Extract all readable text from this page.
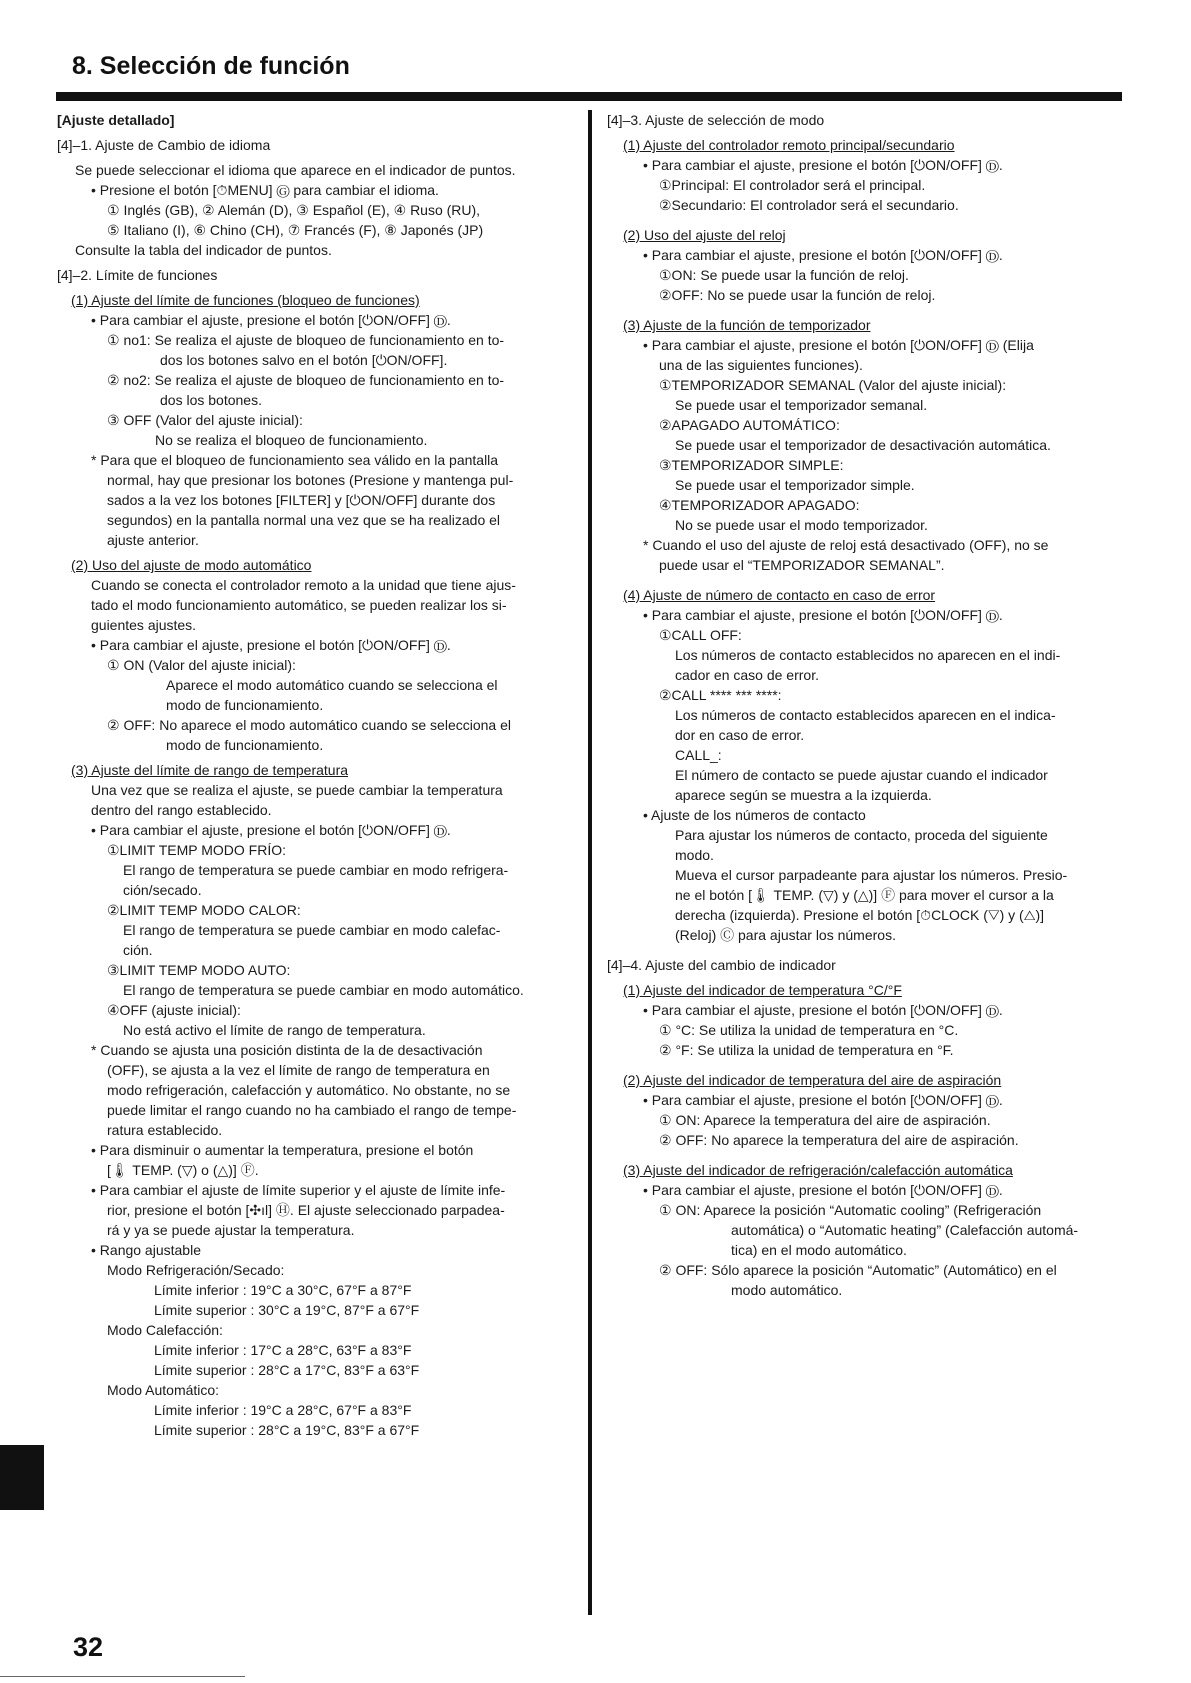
8. Selección de función
[Ajuste detallado]
[4]–1. Ajuste de Cambio de idioma
Se puede seleccionar el idioma que aparece en el indicador de puntos.
• Presione el botón [⏱MENU] Ⓖ para cambiar el idioma.
① Inglés (GB), ② Alemán (D), ③ Español (E), ④ Ruso (RU),
⑤ Italiano (I), ⑥ Chino (CH), ⑦ Francés (F), ⑧ Japonés (JP)
Consulte la tabla del indicador de puntos.
[4]–2. Límite de funciones
(1) Ajuste del límite de funciones (bloqueo de funciones)
• Para cambiar el ajuste, presione el botón [⏻ON/OFF] Ⓓ.
① no1: Se realiza el ajuste de bloqueo de funcionamiento en to-
dos los botones salvo en el botón [⏻ON/OFF].
② no2: Se realiza el ajuste de bloqueo de funcionamiento en to-
dos los botones.
③ OFF (Valor del ajuste inicial):
No se realiza el bloqueo de funcionamiento.
* Para que el bloqueo de funcionamiento sea válido en la pantalla
normal, hay que presionar los botones (Presione y mantenga pul-
sados a la vez los botones [FILTER] y [⏻ON/OFF] durante dos
segundos) en la pantalla normal una vez que se ha realizado el
ajuste anterior.
(2) Uso del ajuste de modo automático
Cuando se conecta el controlador remoto a la unidad que tiene ajus-
tado el modo funcionamiento automático, se pueden realizar los si-
guientes ajustes.
• Para cambiar el ajuste, presione el botón [⏻ON/OFF] Ⓓ.
① ON (Valor del ajuste inicial):
Aparece el modo automático cuando se selecciona el
modo de funcionamiento.
② OFF: No aparece el modo automático cuando se selecciona el
modo de funcionamiento.
(3) Ajuste del límite de rango de temperatura
Una vez que se realiza el ajuste, se puede cambiar la temperatura
dentro del rango establecido.
• Para cambiar el ajuste, presione el botón [⏻ON/OFF] Ⓓ.
①LIMIT TEMP MODO FRÍO:
El rango de temperatura se puede cambiar en modo refrigera-
ción/secado.
②LIMIT TEMP MODO CALOR:
El rango de temperatura se puede cambiar en modo calefac-
ción.
③LIMIT TEMP MODO AUTO:
El rango de temperatura se puede cambiar en modo automático.
④OFF (ajuste inicial):
No está activo el límite de rango de temperatura.
* Cuando se ajusta una posición distinta de la de desactivación
(OFF), se ajusta a la vez el límite de rango de temperatura en
modo refrigeración, calefacción y automático. No obstante, no se
puede limitar el rango cuando no ha cambiado el rango de tempe-
ratura establecido.
• Para disminuir o aumentar la temperatura, presione el botón
[🌡 TEMP. (▽) o (△)] Ⓕ.
• Para cambiar el ajuste de límite superior y el ajuste de límite infe-
rior, presione el botón [✣ıl] Ⓗ. El ajuste seleccionado parpadea-
rá y ya se puede ajustar la temperatura.
• Rango ajustable
Modo Refrigeración/Secado:
Límite inferior : 19°C a 30°C, 67°F a 87°F
Límite superior : 30°C a 19°C, 87°F a 67°F
Modo Calefacción:
Límite inferior : 17°C a 28°C, 63°F a 83°F
Límite superior : 28°C a 17°C, 83°F a 63°F
Modo Automático:
Límite inferior : 19°C a 28°C, 67°F a 83°F
Límite superior : 28°C a 19°C, 83°F a 67°F
[4]–3. Ajuste de selección de modo
(1) Ajuste del controlador remoto principal/secundario
• Para cambiar el ajuste, presione el botón [⏻ON/OFF] Ⓓ.
①Principal: El controlador será el principal.
②Secundario: El controlador será el secundario.
(2) Uso del ajuste del reloj
• Para cambiar el ajuste, presione el botón [⏻ON/OFF] Ⓓ.
①ON: Se puede usar la función de reloj.
②OFF: No se puede usar la función de reloj.
(3) Ajuste de la función de temporizador
• Para cambiar el ajuste, presione el botón [⏻ON/OFF] Ⓓ (Elija
una de las siguientes funciones).
①TEMPORIZADOR SEMANAL (Valor del ajuste inicial):
Se puede usar el temporizador semanal.
②APAGADO AUTOMÁTICO:
Se puede usar el temporizador de desactivación automática.
③TEMPORIZADOR SIMPLE:
Se puede usar el temporizador simple.
④TEMPORIZADOR APAGADO:
No se puede usar el modo temporizador.
* Cuando el uso del ajuste de reloj está desactivado (OFF), no se
puede usar el “TEMPORIZADOR SEMANAL”.
(4) Ajuste de número de contacto en caso de error
• Para cambiar el ajuste, presione el botón [⏻ON/OFF] Ⓓ.
①CALL OFF:
Los números de contacto establecidos no aparecen en el indi-
cador en caso de error.
②CALL **** *** ****:
Los números de contacto establecidos aparecen en el indica-
dor en caso de error.
CALL_:
El número de contacto se puede ajustar cuando el indicador
aparece según se muestra a la izquierda.
• Ajuste de los números de contacto
Para ajustar los números de contacto, proceda del siguiente
modo.
Mueva el cursor parpadeante para ajustar los números. Presio-
ne el botón [🌡 TEMP. (▽) y (△)] Ⓕ para mover el cursor a la
derecha (izquierda). Presione el botón [⏱CLOCK (▽) y (△)]
(Reloj) Ⓒ para ajustar los números.
[4]–4. Ajuste del cambio de indicador
(1) Ajuste del indicador de temperatura °C/°F
• Para cambiar el ajuste, presione el botón [⏻ON/OFF] Ⓓ.
① °C: Se utiliza la unidad de temperatura en °C.
② °F: Se utiliza la unidad de temperatura en °F.
(2) Ajuste del indicador de temperatura del aire de aspiración
• Para cambiar el ajuste, presione el botón [⏻ON/OFF] Ⓓ.
① ON: Aparece la temperatura del aire de aspiración.
② OFF: No aparece la temperatura del aire de aspiración.
(3) Ajuste del indicador de refrigeración/calefacción automática
• Para cambiar el ajuste, presione el botón [⏻ON/OFF] Ⓓ.
① ON: Aparece la posición “Automatic cooling” (Refrigeración
automática) o “Automatic heating” (Calefacción automá-
tica) en el modo automático.
② OFF: Sólo aparece la posición “Automatic” (Automático) en el
modo automático.
32
